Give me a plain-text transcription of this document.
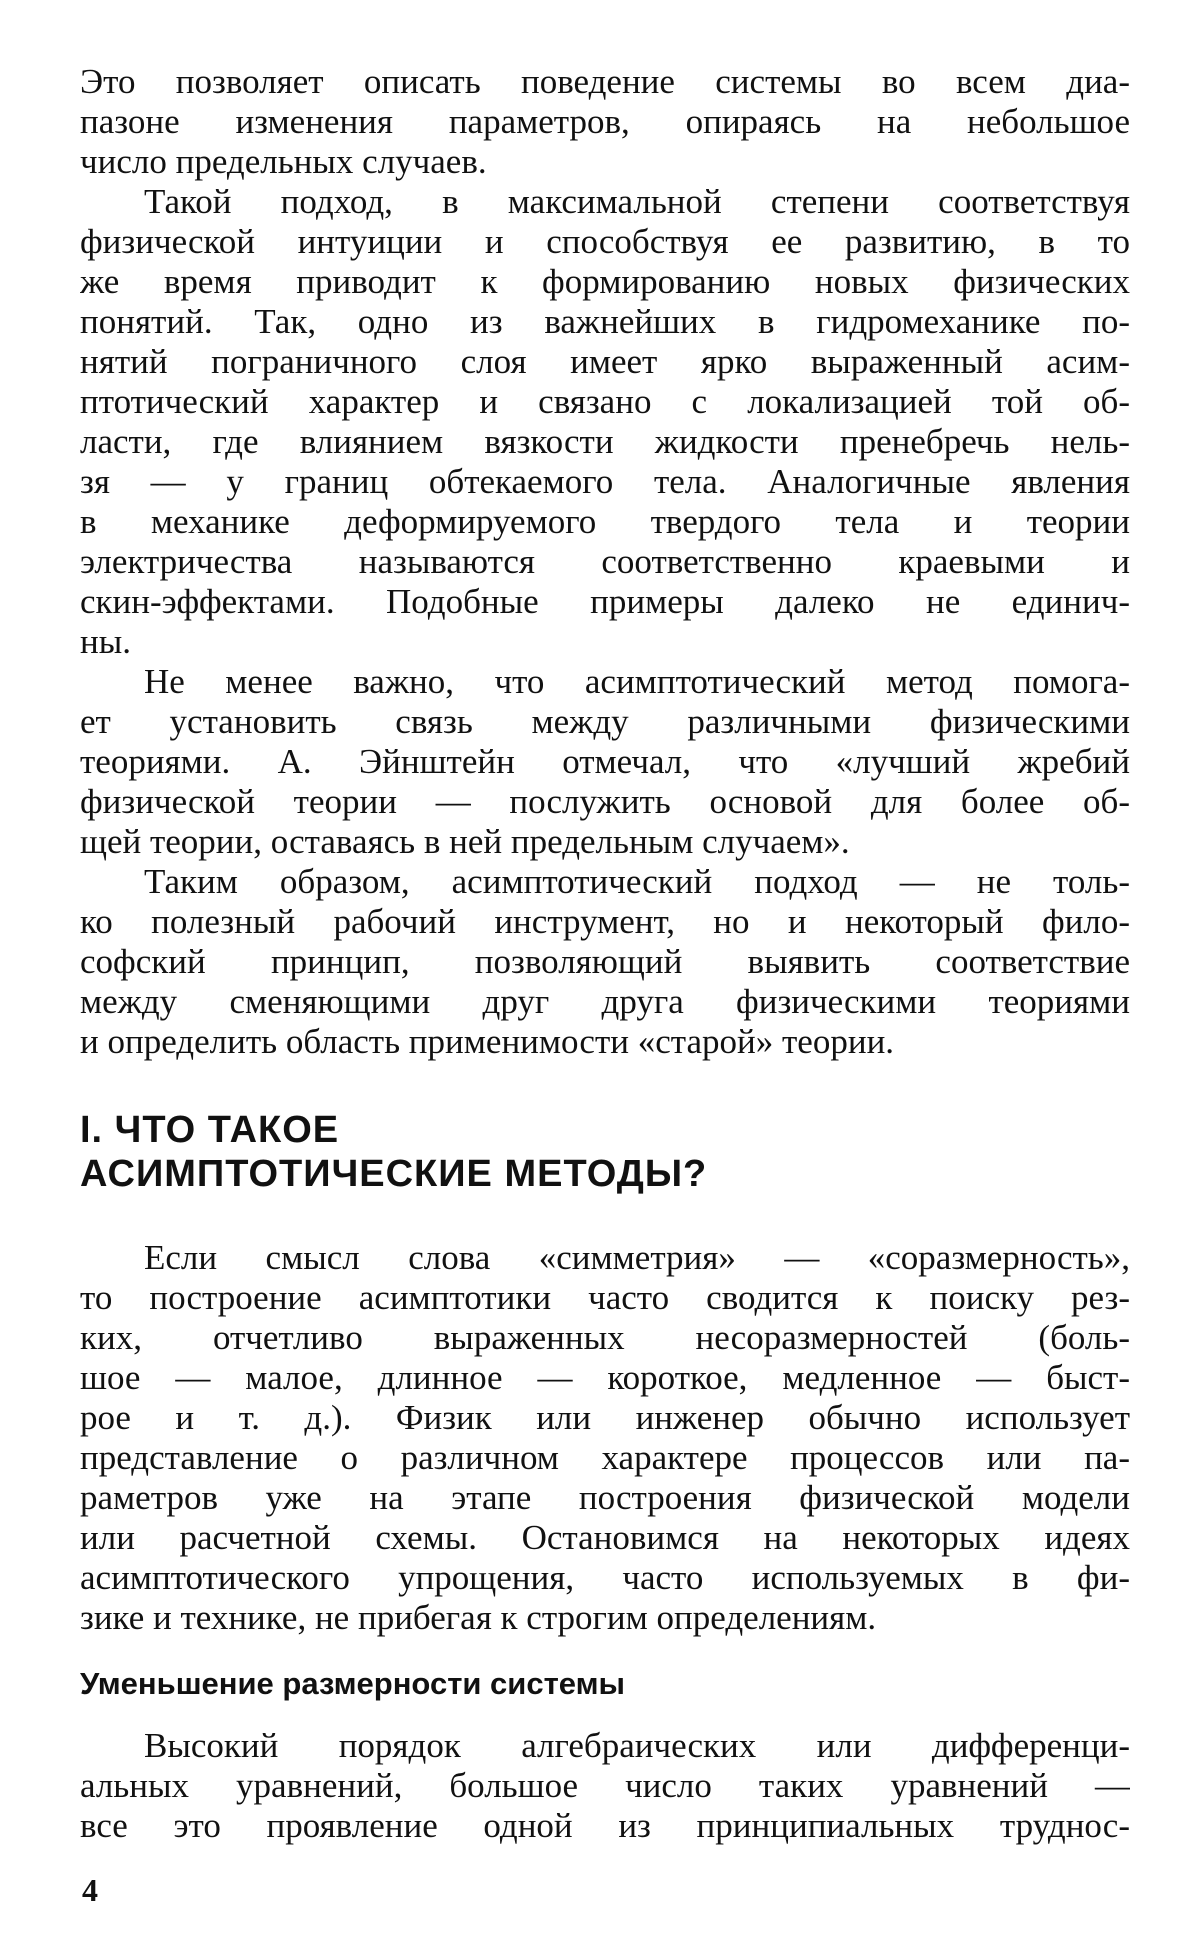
Это позволяет описать поведение системы во всем диа-
пазоне изменения параметров, опираясь на небольшое
число предельных случаев.
Такой подход, в максимальной степени соответствуя
физической интуиции и способствуя ее развитию, в то
же время приводит к формированию новых физических
понятий. Так, одно из важнейших в гидромеханике по-
нятий пограничного слоя имеет ярко выраженный асим-
птотический характер и связано с локализацией той об-
ласти, где влиянием вязкости жидкости пренебречь нель-
зя — у границ обтекаемого тела. Аналогичные явления
в механике деформируемого твердого тела и теории
электричества называются соответственно краевыми и
скин-эффектами. Подобные примеры далеко не единич-
ны.
Не менее важно, что асимптотический метод помога-
ет установить связь между различными физическими
теориями. А. Эйнштейн отмечал, что «лучший жребий
физической теории — послужить основой для более об-
щей теории, оставаясь в ней предельным случаем».
Таким образом, асимптотический подход — не толь-
ко полезный рабочий инструмент, но и некоторый фило-
софский принцип, позволяющий выявить соответствие
между сменяющими друг друга физическими теориями
и определить область применимости «старой» теории.
I. ЧТО ТАКОЕ
АСИМПТОТИЧЕСКИЕ МЕТОДЫ?
Если смысл слова «симметрия» — «соразмерность»,
то построение асимптотики часто сводится к поиску рез-
ких, отчетливо выраженных несоразмерностей (боль-
шое — малое, длинное — короткое, медленное — быст-
рое и т. д.). Физик или инженер обычно использует
представление о различном характере процессов или па-
раметров уже на этапе построения физической модели
или расчетной схемы. Остановимся на некоторых идеях
асимптотического упрощения, часто используемых в фи-
зике и технике, не прибегая к строгим определениям.
Уменьшение размерности системы
Высокий порядок алгебраических или дифференци-
альных уравнений, большое число таких уравнений —
все это проявление одной из принципиальных труднос-
4
